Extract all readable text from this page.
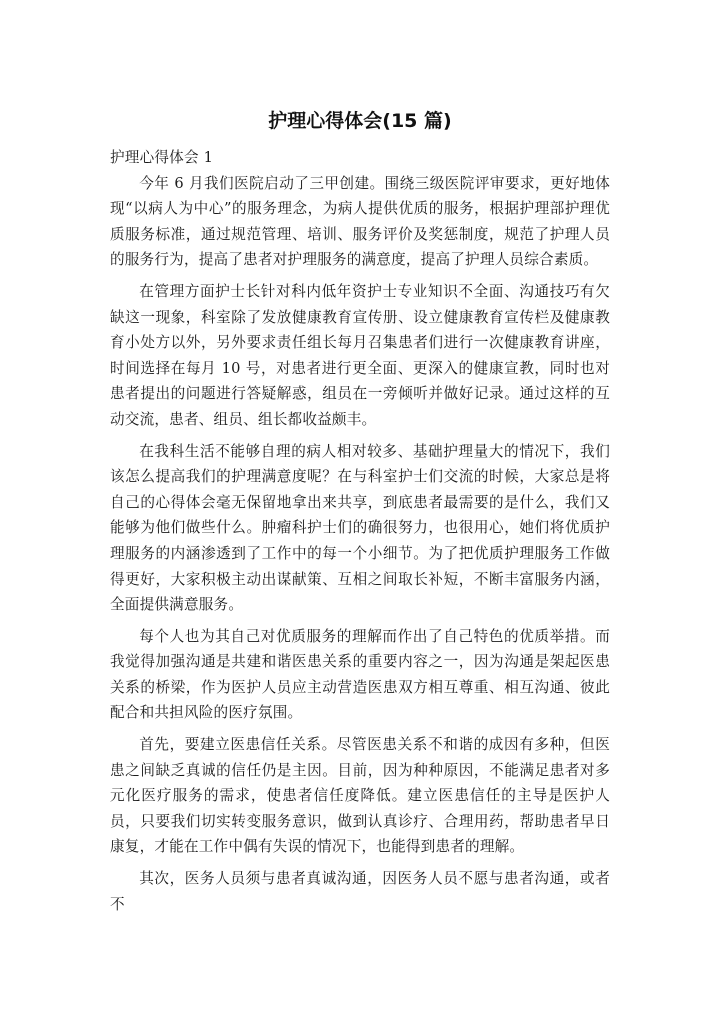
护理心得体会(15 篇)

护理心得体会 1

今年 6 月我们医院启动了三甲创建。围绕三级医院评审要求，更好地体现“以病人为中心”的服务理念，为病人提供优质的服务，根据护理部护理优质服务标准，通过规范管理、培训、服务评价及奖惩制度，规范了护理人员的服务行为，提高了患者对护理服务的满意度，提高了护理人员综合素质。

在管理方面护士长针对科内低年资护士专业知识不全面、沟通技巧有欠缺这一现象，科室除了发放健康教育宣传册、设立健康教育宣传栏及健康教育小处方以外，另外要求责任组长每月召集患者们进行一次健康教育讲座，时间选择在每月 10 号，对患者进行更全面、更深入的健康宣教，同时也对患者提出的问题进行答疑解惑，组员在一旁倾听并做好记录。通过这样的互动交流，患者、组员、组长都收益颇丰。

在我科生活不能够自理的病人相对较多、基础护理量大的情况下，我们该怎么提高我们的护理满意度呢？在与科室护士们交流的时候，大家总是将自己的心得体会毫无保留地拿出来共享，到底患者最需要的是什么，我们又能够为他们做些什么。肿瘤科护士们的确很努力，也很用心，她们将优质护理服务的内涵渗透到了工作中的每一个小细节。为了把优质护理服务工作做得更好，大家积极主动出谋献策、互相之间取长补短，不断丰富服务内涵，全面提供满意服务。

每个人也为其自己对优质服务的理解而作出了自己特色的优质举措。而我觉得加强沟通是共建和谐医患关系的重要内容之一，因为沟通是架起医患关系的桥梁，作为医护人员应主动营造医患双方相互尊重、相互沟通、彼此配合和共担风险的医疗氛围。

首先，要建立医患信任关系。尽管医患关系不和谐的成因有多种，但医患之间缺乏真诚的信任仍是主因。目前，因为种种原因，不能满足患者对多元化医疗服务的需求，使患者信任度降低。建立医患信任的主导是医护人员，只要我们切实转变服务意识，做到认真诊疗、合理用药，帮助患者早日康复，才能在工作中偶有失误的情况下，也能得到患者的理解。

其次，医务人员须与患者真诚沟通，因医务人员不愿与患者沟通，或者不
